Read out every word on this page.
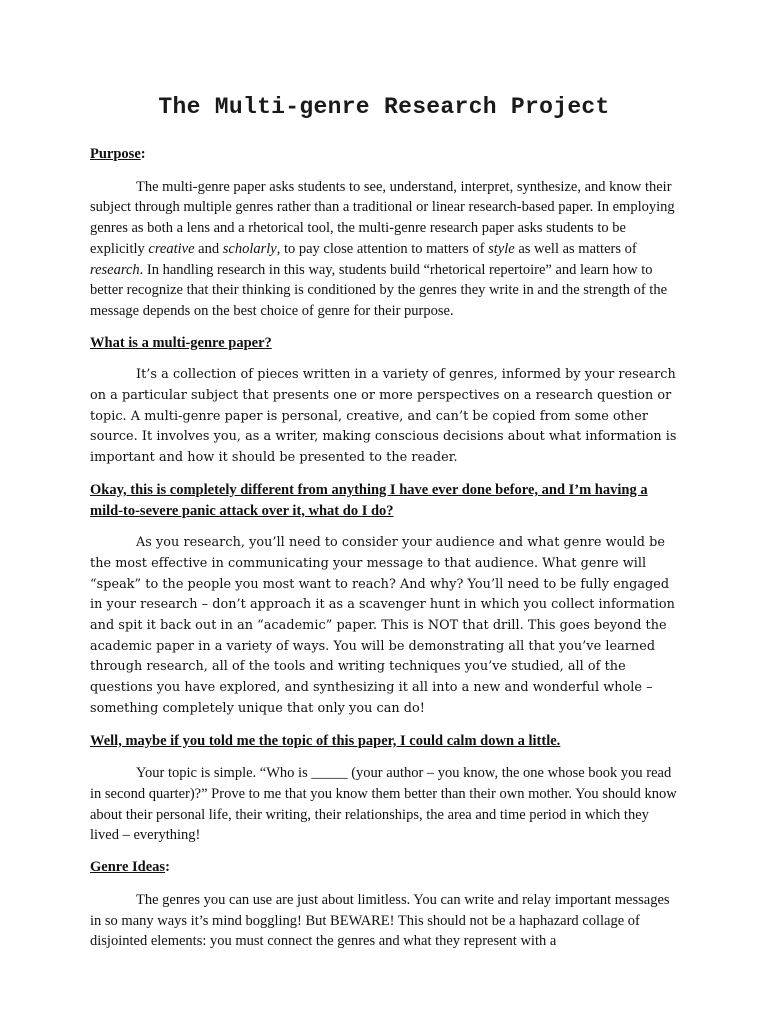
The Multi-genre Research Project

Purpose:

The multi-genre paper asks students to see, understand, interpret, synthesize, and know their subject through multiple genres rather than a traditional or linear research-based paper. In employing genres as both a lens and a rhetorical tool, the multi-genre research paper asks students to be explicitly creative and scholarly, to pay close attention to matters of style as well as matters of research. In handling research in this way, students build “rhetorical repertoire” and learn how to better recognize that their thinking is conditioned by the genres they write in and the strength of the message depends on the best choice of genre for their purpose.

What is a multi-genre paper?

It’s a collection of pieces written in a variety of genres, informed by your research on a particular subject that presents one or more perspectives on a research question or topic. A multi-genre paper is personal, creative, and can’t be copied from some other source. It involves you, as a writer, making conscious decisions about what information is important and how it should be presented to the reader.

Okay, this is completely different from anything I have ever done before, and I’m having a mild-to-severe panic attack over it, what do I do?

As you research, you’ll need to consider your audience and what genre would be the most effective in communicating your message to that audience. What genre will “speak” to the people you most want to reach? And why? You’ll need to be fully engaged in your research – don’t approach it as a scavenger hunt in which you collect information and spit it back out in an “academic” paper. This is NOT that drill. This goes beyond the academic paper in a variety of ways. You will be demonstrating all that you’ve learned through research, all of the tools and writing techniques you’ve studied, all of the questions you have explored, and synthesizing it all into a new and wonderful whole – something completely unique that only you can do!

Well, maybe if you told me the topic of this paper, I could calm down a little.

Your topic is simple. “Who is _____ (your author – you know, the one whose book you read in second quarter)?” Prove to me that you know them better than their own mother. You should know about their personal life, their writing, their relationships, the area and time period in which they lived – everything!

Genre Ideas:

The genres you can use are just about limitless. You can write and relay important messages in so many ways it’s mind boggling! But BEWARE! This should not be a haphazard collage of disjointed elements: you must connect the genres and what they represent with a
